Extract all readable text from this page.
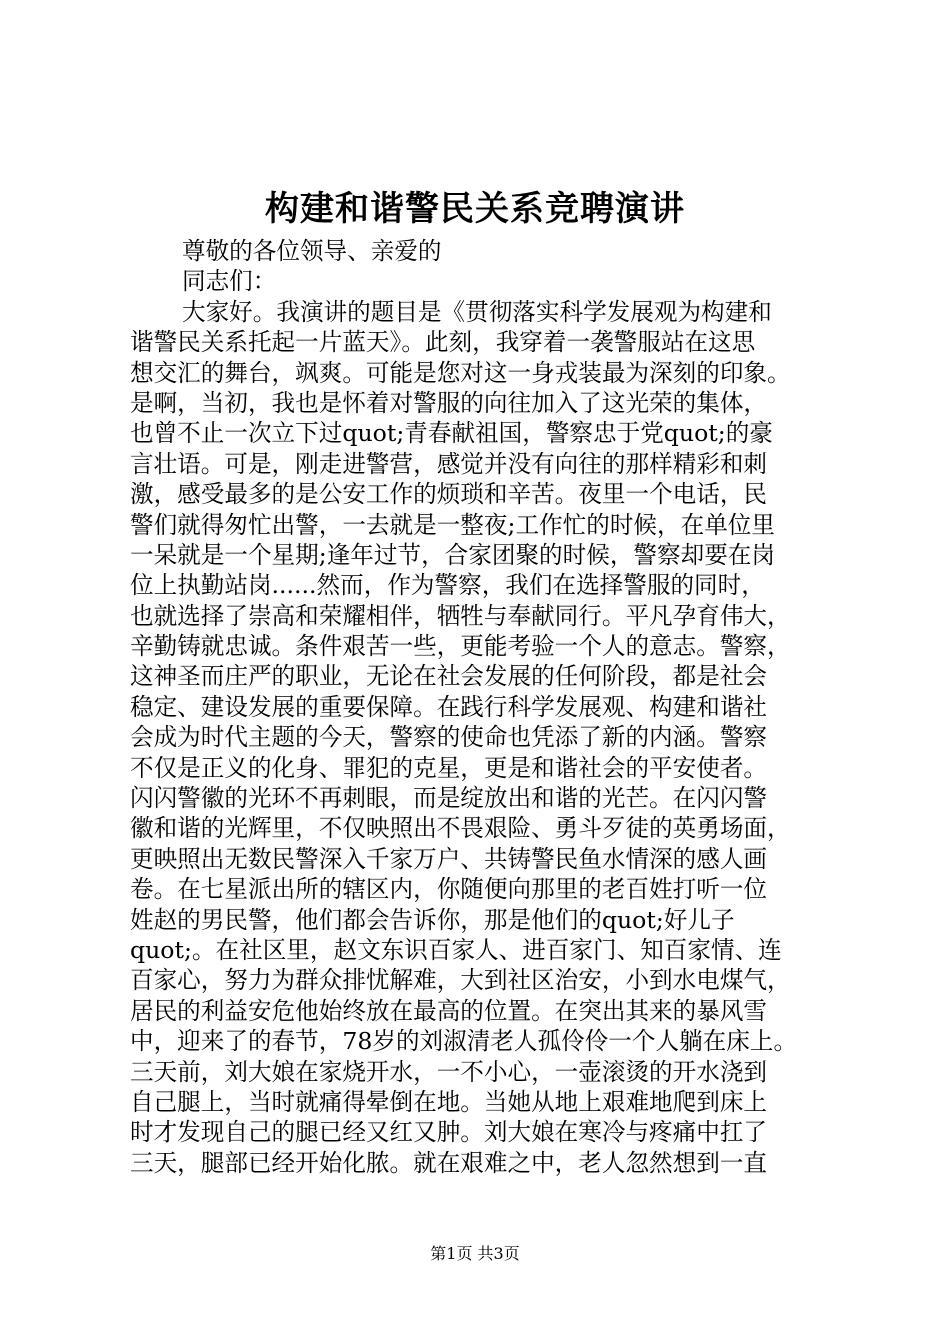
构建和谐警民关系竞聘演讲
尊敬的各位领导、亲爱的
同志们：
大家好。我演讲的题目是《贯彻落实科学发展观为构建和
谐警民关系托起一片蓝天》。此刻，我穿着一袭警服站在这思
想交汇的舞台，飒爽。可能是您对这一身戎装最为深刻的印象。
是啊，当初，我也是怀着对警服的向往加入了这光荣的集体，
也曾不止一次立下过quot;青春献祖国，警察忠于党quot;的豪
言壮语。可是，刚走进警营，感觉并没有向往的那样精彩和刺
激，感受最多的是公安工作的烦琐和辛苦。夜里一个电话，民
警们就得匆忙出警，一去就是一整夜;工作忙的时候，在单位里
一呆就是一个星期;逢年过节，合家团聚的时候，警察却要在岗
位上执勤站岗......然而，作为警察，我们在选择警服的同时，
也就选择了崇高和荣耀相伴，牺牲与奉献同行。平凡孕育伟大，
辛勤铸就忠诚。条件艰苦一些，更能考验一个人的意志。警察，
这神圣而庄严的职业，无论在社会发展的任何阶段，都是社会
稳定、建设发展的重要保障。在践行科学发展观、构建和谐社
会成为时代主题的今天，警察的使命也凭添了新的内涵。警察
不仅是正义的化身、罪犯的克星，更是和谐社会的平安使者。
闪闪警徽的光环不再刺眼，而是绽放出和谐的光芒。在闪闪警
徽和谐的光辉里，不仅映照出不畏艰险、勇斗歹徒的英勇场面，
更映照出无数民警深入千家万户、共铸警民鱼水情深的感人画
卷。在七星派出所的辖区内，你随便向那里的老百姓打听一位
姓赵的男民警，他们都会告诉你，那是他们的quot;好儿子
quot;。在社区里，赵文东识百家人、进百家门、知百家情、连
百家心，努力为群众排忧解难，大到社区治安，小到水电煤气，
居民的利益安危他始终放在最高的位置。在突出其来的暴风雪
中，迎来了的春节，78岁的刘淑清老人孤伶伶一个人躺在床上。
三天前，刘大娘在家烧开水，一不小心，一壶滚烫的开水浇到
自己腿上，当时就痛得晕倒在地。当她从地上艰难地爬到床上
时才发现自己的腿已经又红又肿。刘大娘在寒冷与疼痛中扛了
三天，腿部已经开始化脓。就在艰难之中，老人忽然想到一直
第1页 共3页
